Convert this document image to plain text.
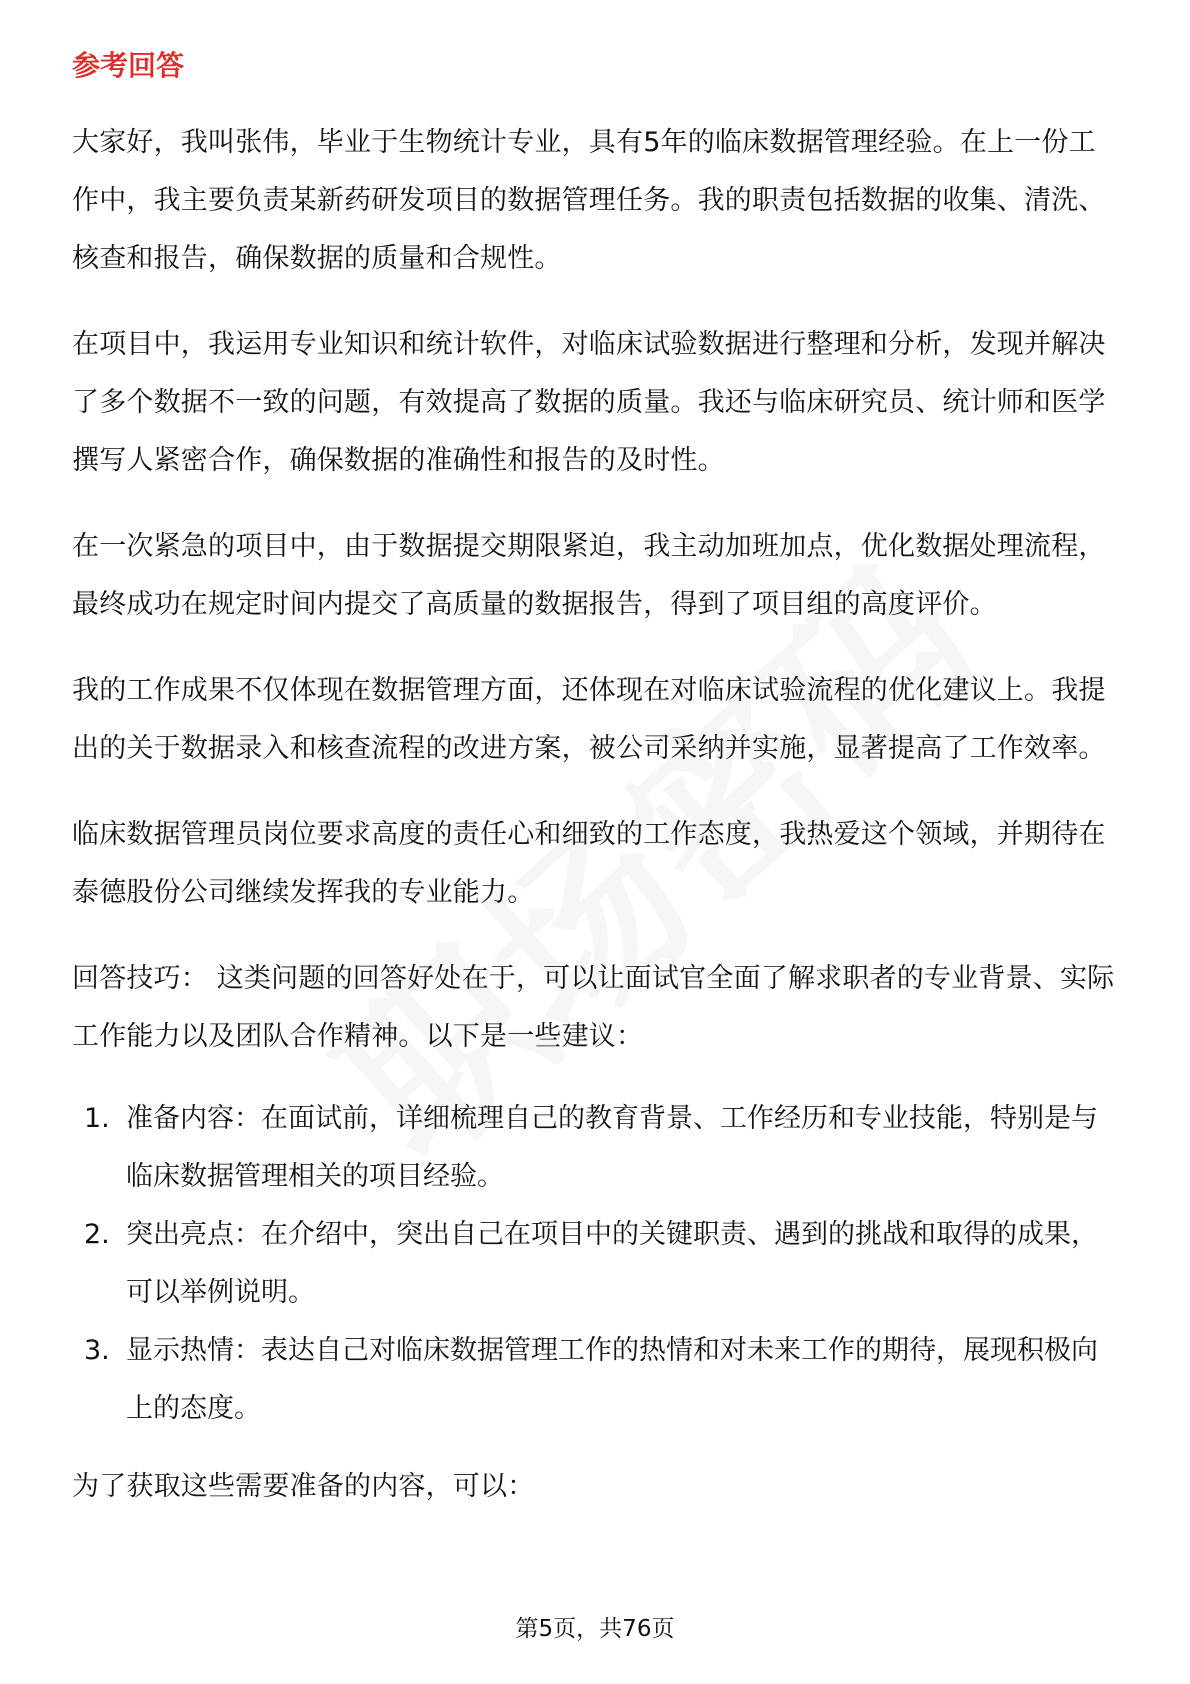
参考回答

大家好，我叫张伟，毕业于生物统计专业，具有5年的临床数据管理经验。在上一份工作中，我主要负责某新药研发项目的数据管理任务。我的职责包括数据的收集、清洗、核查和报告，确保数据的质量和合规性。

在项目中，我运用专业知识和统计软件，对临床试验数据进行整理和分析，发现并解决了多个数据不一致的问题，有效提高了数据的质量。我还与临床研究员、统计师和医学撰写人紧密合作，确保数据的准确性和报告的及时性。

在一次紧急的项目中，由于数据提交期限紧迫，我主动加班加点，优化数据处理流程，最终成功在规定时间内提交了高质量的数据报告，得到了项目组的高度评价。

我的工作成果不仅体现在数据管理方面，还体现在对临床试验流程的优化建议上。我提出的关于数据录入和核查流程的改进方案，被公司采纳并实施，显著提高了工作效率。

临床数据管理员岗位要求高度的责任心和细致的工作态度，我热爱这个领域，并期待在泰德股份公司继续发挥我的专业能力。

回答技巧： 这类问题的回答好处在于，可以让面试官全面了解求职者的专业背景、实际工作能力以及团队合作精神。以下是一些建议：

1. 准备内容：在面试前，详细梳理自己的教育背景、工作经历和专业技能，特别是与临床数据管理相关的项目经验。
2. 突出亮点：在介绍中，突出自己在项目中的关键职责、遇到的挑战和取得的成果，可以举例说明。
3. 显示热情：表达自己对临床数据管理工作的热情和对未来工作的期待，展现积极向上的态度。

为了获取这些需要准备的内容，可以：

第5页，共76页
